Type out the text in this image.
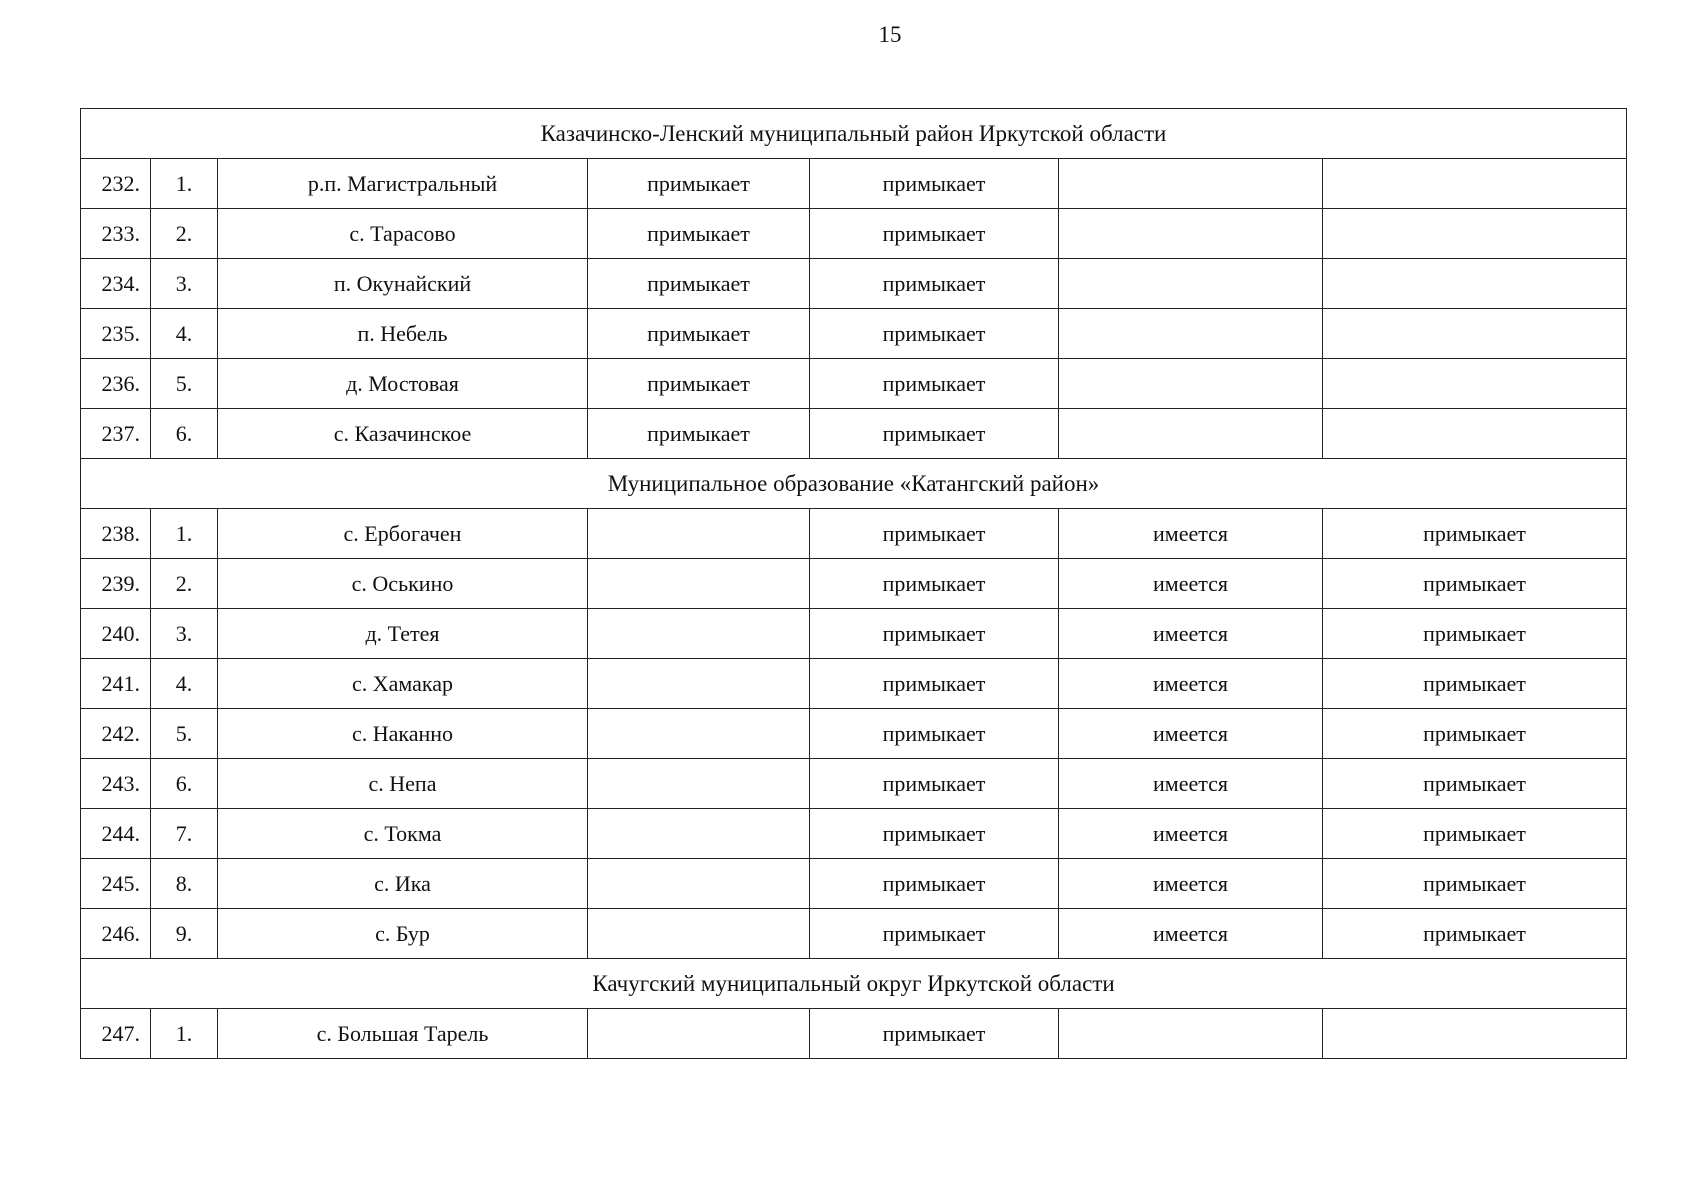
15
Казачинско-Ленский муниципальный район Иркутской области						
232.	1.	р.п. Магистральный	примыкает	примыкает		
233.	2.	с. Тарасово	примыкает	примыкает		
234.	3.	п. Окунайский	примыкает	примыкает		
235.	4.	п. Небель	примыкает	примыкает		
236.	5.	д. Мостовая	примыкает	примыкает		
237.	6.	с. Казачинское	примыкает	примыкает		
Муниципальное образование «Катангский район»						
238.	1.	с. Ербогачен		примыкает	имеется	примыкает
239.	2.	с. Оськино		примыкает	имеется	примыкает
240.	3.	д. Тетея		примыкает	имеется	примыкает
241.	4.	с. Хамакар		примыкает	имеется	примыкает
242.	5.	с. Наканно		примыкает	имеется	примыкает
243.	6.	с. Непа		примыкает	имеется	примыкает
244.	7.	с. Токма		примыкает	имеется	примыкает
245.	8.	с. Ика		примыкает	имеется	примыкает
246.	9.	с. Бур		примыкает	имеется	примыкает
Качугский муниципальный округ Иркутской области						
247.	1.	с. Большая Тарель		примыкает		
